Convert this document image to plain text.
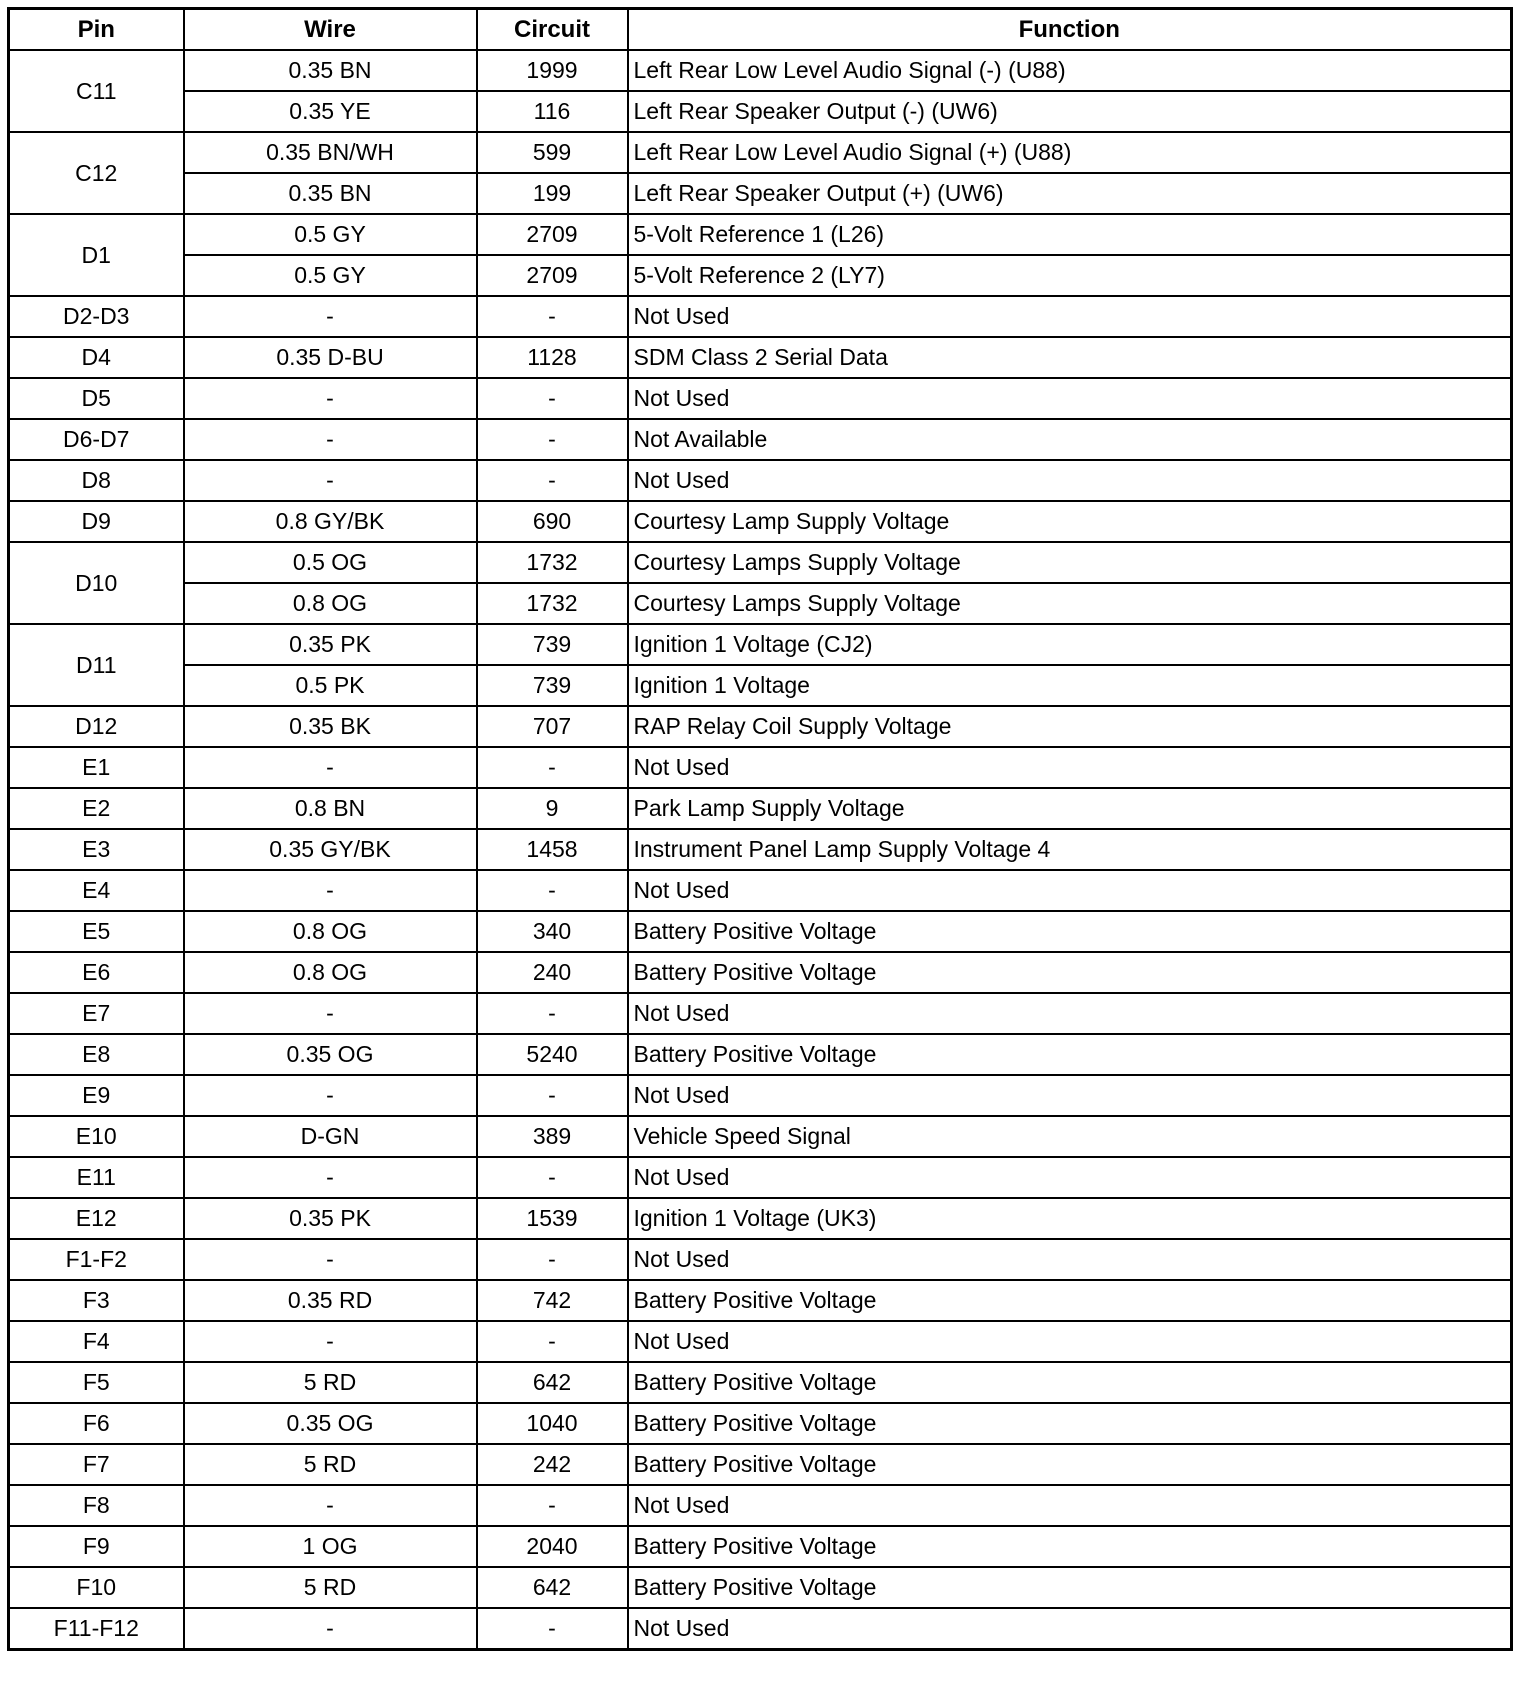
Pin	Wire	Circuit	Function
C11	0.35 BN	1999	Left Rear Low Level Audio Signal (-) (U88)
	0.35 YE	116	Left Rear Speaker Output (-) (UW6)
C12	0.35 BN/WH	599	Left Rear Low Level Audio Signal (+) (U88)
	0.35 BN	199	Left Rear Speaker Output (+) (UW6)
D1	0.5 GY	2709	5-Volt Reference 1 (L26)
	0.5 GY	2709	5-Volt Reference 2 (LY7)
D2-D3	-	-	Not Used
D4	0.35 D-BU	1128	SDM Class 2 Serial Data
D5	-	-	Not Used
D6-D7	-	-	Not Available
D8	-	-	Not Used
D9	0.8 GY/BK	690	Courtesy Lamp Supply Voltage
D10	0.5 OG	1732	Courtesy Lamps Supply Voltage
	0.8 OG	1732	Courtesy Lamps Supply Voltage
D11	0.35 PK	739	Ignition 1 Voltage (CJ2)
	0.5 PK	739	Ignition 1 Voltage
D12	0.35 BK	707	RAP Relay Coil Supply Voltage
E1	-	-	Not Used
E2	0.8 BN	9	Park Lamp Supply Voltage
E3	0.35 GY/BK	1458	Instrument Panel Lamp Supply Voltage 4
E4	-	-	Not Used
E5	0.8 OG	340	Battery Positive Voltage
E6	0.8 OG	240	Battery Positive Voltage
E7	-	-	Not Used
E8	0.35 OG	5240	Battery Positive Voltage
E9	-	-	Not Used
E10	D-GN	389	Vehicle Speed Signal
E11	-	-	Not Used
E12	0.35 PK	1539	Ignition 1 Voltage (UK3)
F1-F2	-	-	Not Used
F3	0.35 RD	742	Battery Positive Voltage
F4	-	-	Not Used
F5	5 RD	642	Battery Positive Voltage
F6	0.35 OG	1040	Battery Positive Voltage
F7	5 RD	242	Battery Positive Voltage
F8	-	-	Not Used
F9	1 OG	2040	Battery Positive Voltage
F10	5 RD	642	Battery Positive Voltage
F11-F12	-	-	Not Used
